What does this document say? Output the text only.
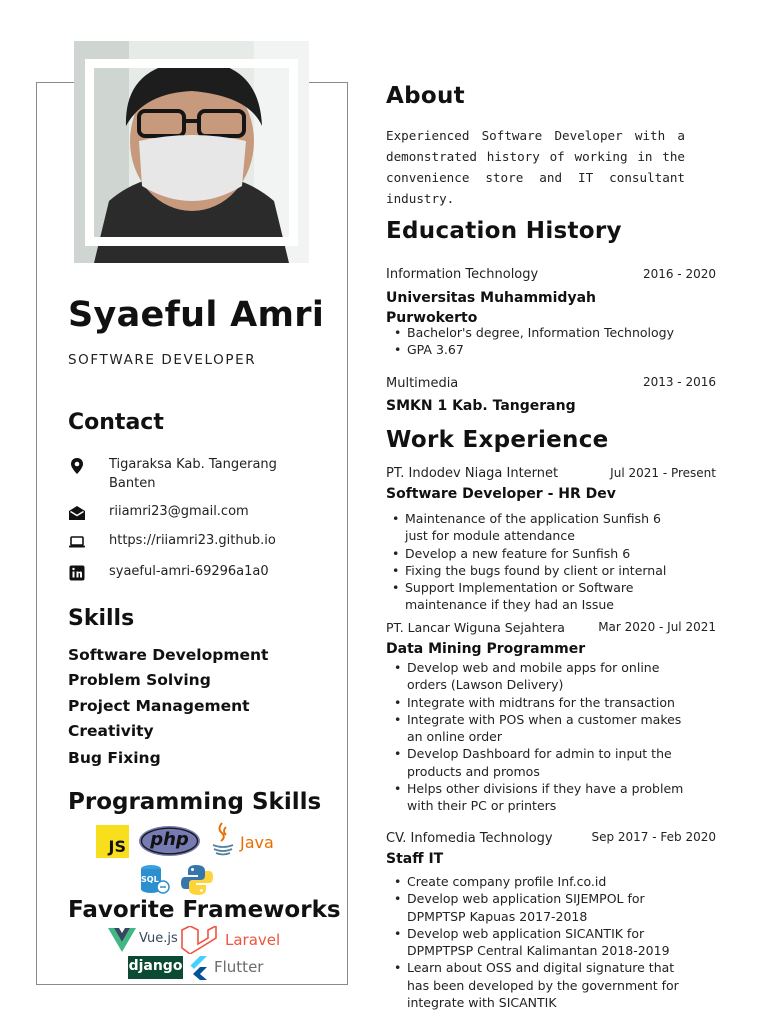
Syaeful Amri
SOFTWARE DEVELOPER
Contact
Tigaraksa Kab. Tangerang
Banten
riiamri23@gmail.com
https://riiamri23.github.io
syaeful-amri-69296a1a0
Skills
Software Development
Problem Solving
Project Management
Creativity
Bug Fixing
Programming Skills
JS	php	Java
SQL
Favorite Frameworks
Vue.js	Laravel
django Flutter
About
Experienced Software Developer with a demonstrated history of working in the convenience store and IT consultant industry.
Education History
Information Technology	2016 - 2020
Universitas Muhammidyah Purwokerto
• Bachelor's degree, Information Technology
• GPA 3.67
Multimedia	2013 - 2016
SMKN 1 Kab. Tangerang
Work Experience
PT. Indodev Niaga Internet	Jul 2021 - Present
Software Developer - HR Dev
• Maintenance of the application Sunfish 6 just for module attendance
• Develop a new feature for Sunfish 6
• Fixing the bugs found by client or internal
• Support Implementation or Software maintenance if they had an Issue
PT. Lancar Wiguna Sejahtera	Mar 2020 - Jul 2021
Data Mining Programmer
• Develop web and mobile apps for online orders (Lawson Delivery)
• Integrate with midtrans for the transaction
• Integrate with POS when a customer makes an online order
• Develop Dashboard for admin to input the products and promos
• Helps other divisions if they have a problem with their PC or printers
CV. Infomedia Technology	Sep 2017 - Feb 2020
Staff IT
• Create company profile Inf.co.id
• Develop web application SIJEMPOL for DPMPTSP Kapuas 2017-2018
• Develop web application SICANTIK for DPMPTPSP Central Kalimantan 2018-2019
• Learn about OSS and digital signature that has been developed by the government for integrate with SICANTIK
